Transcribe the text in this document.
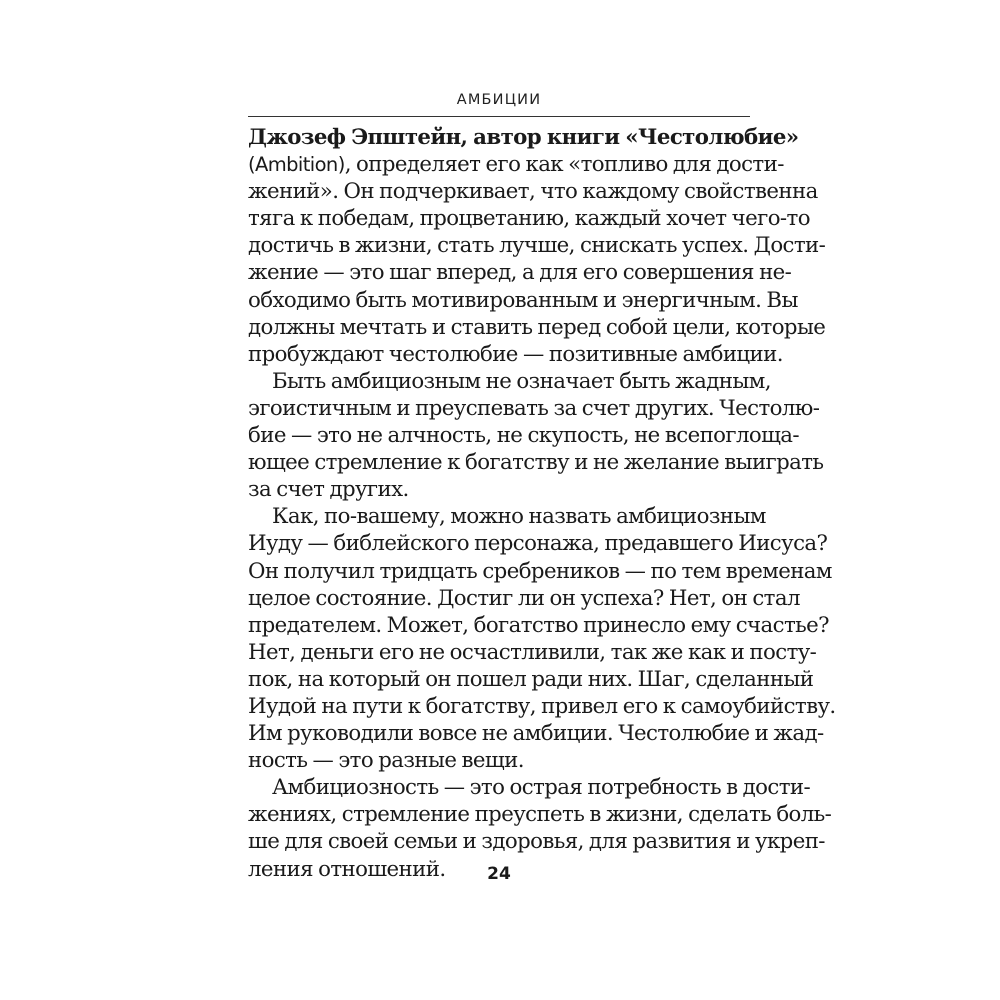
АМБИЦИИ
Джозеф Эпштейн, автор книги «Честолюбие»
(Ambition), определяет его как «топливо для дости-
жений». Он подчеркивает, что каждому свойственна
тяга к победам, процветанию, каждый хочет чего-то
достичь в жизни, стать лучше, снискать успех. Дости-
жение — это шаг вперед, а для его совершения не-
обходимо быть мотивированным и энергичным. Вы
должны мечтать и ставить перед собой цели, которые
пробуждают честолюбие — позитивные амбиции.
Быть амбициозным не означает быть жадным,
эгоистичным и преуспевать за счет других. Честолю-
бие — это не алчность, не скупость, не всепоглоща-
ющее стремление к богатству и не желание выиграть
за счет других.
Как, по-вашему, можно назвать амбициозным
Иуду — библейского персонажа, предавшего Иисуса?
Он получил тридцать сребреников — по тем временам
целое состояние. Достиг ли он успеха? Нет, он стал
предателем. Может, богатство принесло ему счастье?
Нет, деньги его не осчастливили, так же как и посту-
пок, на который он пошел ради них. Шаг, сделанный
Иудой на пути к богатству, привел его к самоубийству.
Им руководили вовсе не амбиции. Честолюбие и жад-
ность — это разные вещи.
Амбициозность — это острая потребность в дости-
жениях, стремление преуспеть в жизни, сделать боль-
ше для своей семьи и здоровья, для развития и укреп-
ления отношений.	24
